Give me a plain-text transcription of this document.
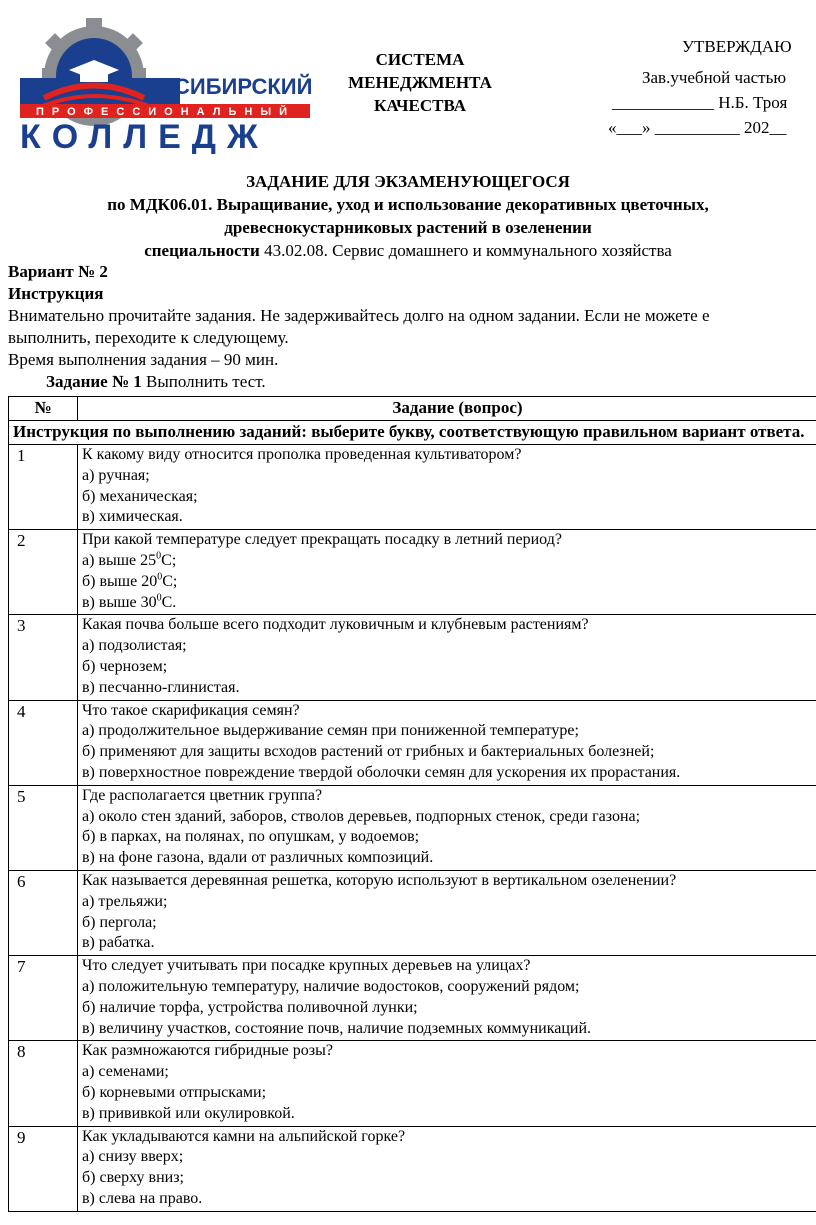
СИБИРСКИЙ
ПРОФЕССИОНАЛЬНЫЙ
КОЛЛЕДЖ
СИСТЕМА
МЕНЕДЖМЕНТА
КАЧЕСТВА
УТВЕРЖДАЮ
Зав.учебной частью
____________ Н.Б. Троя
«___» __________ 202__
ЗАДАНИЕ ДЛЯ ЭКЗАМЕНУЮЩЕГОСЯ
по МДК06.01. Выращивание, уход и использование декоративных цветочных,
древеснокустарниковых растений в озеленении
специальности 43.02.08. Сервис домашнего и коммунального хозяйства
Вариант № 2
Инструкция
Внимательно прочитайте задания. Не задерживайтесь долго на одном задании. Если не можете е
выполнить, переходите к следующему.
Время выполнения задания – 90 мин.
Задание № 1 Выполнить тест.
№	Задание (вопрос)
Инструкция по выполнению заданий: выберите букву, соответствующую правильном вариант ответа.	
1	К какому виду относится прополка проведенная культиватором?
а) ручная;
б) механическая;
в) химическая.

2	При какой температуре следует прекращать посадку в летний период?
а) выше $25^0С$;
б) выше $20^0С$;
в) выше $30^0С$.

3	Какая почва больше всего подходит луковичным и клубневым растениям?
а) подзолистая;
б) чернозем;
в) песчанно-глинистая.

4	Что такое скарификация семян?
а) продолжительное выдерживание семян при пониженной температуре;
б) применяют для защиты всходов растений от грибных и бактериальных болезней;
в) поверхностное повреждение твердой оболочки семян для ускорения их прорастания.

5	Где располагается цветник группа?
а) около стен зданий, заборов, стволов деревьев, подпорных стенок, среди газона;
б) в парках, на полянах, по опушкам, у водоемов;
в) на фоне газона, вдали от различных композиций.

6	Как называется деревянная решетка, которую используют в вертикальном озеленении?
а) трельяжи;
б) пергола;
в) рабатка.

7	Что следует учитывать при посадке крупных деревьев на улицах?
а) положительную температуру, наличие водостоков, сооружений рядом;
б) наличие торфа, устройства поливочной лунки;
в) величину участков, состояние почв, наличие подземных коммуникаций.

8	Как размножаются гибридные розы?
а) семенами;
б) корневыми отпрысками;
в) прививкой или окулировкой.

9	Как укладываются камни на альпийской горке?
а) снизу вверх;
б) сверху вниз;
в) слева на право.
